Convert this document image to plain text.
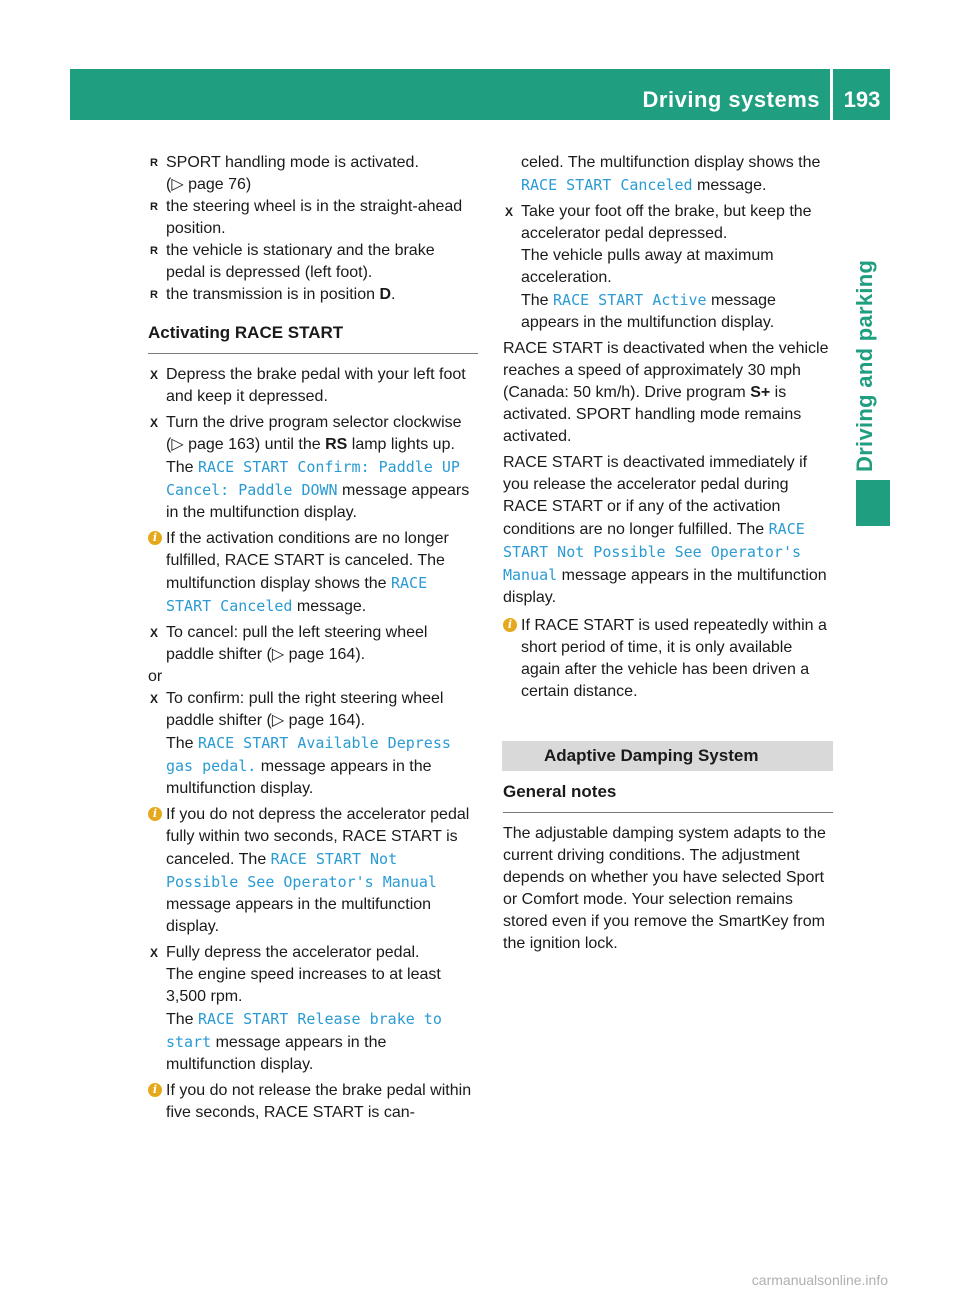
Driving systems	193
Driving and parking

R SPORT handling mode is activated.
(▷ page 76)

R the steering wheel is in the straight-ahead position.

R the vehicle is stationary and the brake pedal is depressed (left foot).

R the transmission is in position D.

Activating RACE START

X Depress the brake pedal with your left foot and keep it depressed.

X Turn the drive program selector clockwise (▷ page 163) until the RS lamp lights up.
The RACE START Confirm: Paddle UP Cancel: Paddle DOWN message appears in the multifunction display.

i If the activation conditions are no longer fulfilled, RACE START is canceled. The multifunction display shows the RACE START Canceled message.

X To cancel: pull the left steering wheel paddle shifter (▷ page 164).

or

X To confirm: pull the right steering wheel paddle shifter (▷ page 164).
The RACE START Available Depress gas pedal. message appears in the multifunction display.

i If you do not depress the accelerator pedal fully within two seconds, RACE START is canceled. The RACE START Not Possible See Operator's Manual message appears in the multifunction display.

X Fully depress the accelerator pedal.
The engine speed increases to at least 3,500 rpm.
The RACE START Release brake to start message appears in the multifunction display.

i If you do not release the brake pedal within five seconds, RACE START is can-

celed. The multifunction display shows the RACE START Canceled message.

X Take your foot off the brake, but keep the accelerator pedal depressed.
The vehicle pulls away at maximum acceleration.
The RACE START Active message appears in the multifunction display.

RACE START is deactivated when the vehicle reaches a speed of approximately 30 mph (Canada: 50 km/h). Drive program S+ is activated. SPORT handling mode remains activated.

RACE START is deactivated immediately if you release the accelerator pedal during RACE START or if any of the activation conditions are no longer fulfilled. The RACE START Not Possible See Operator's Manual message appears in the multifunction display.

i If RACE START is used repeatedly within a short period of time, it is only available again after the vehicle has been driven a certain distance.

Adaptive Damping System

General notes

The adjustable damping system adapts to the current driving conditions. The adjustment depends on whether you have selected Sport or Comfort mode. Your selection remains stored even if you remove the SmartKey from the ignition lock.

carmanualsonline.info
